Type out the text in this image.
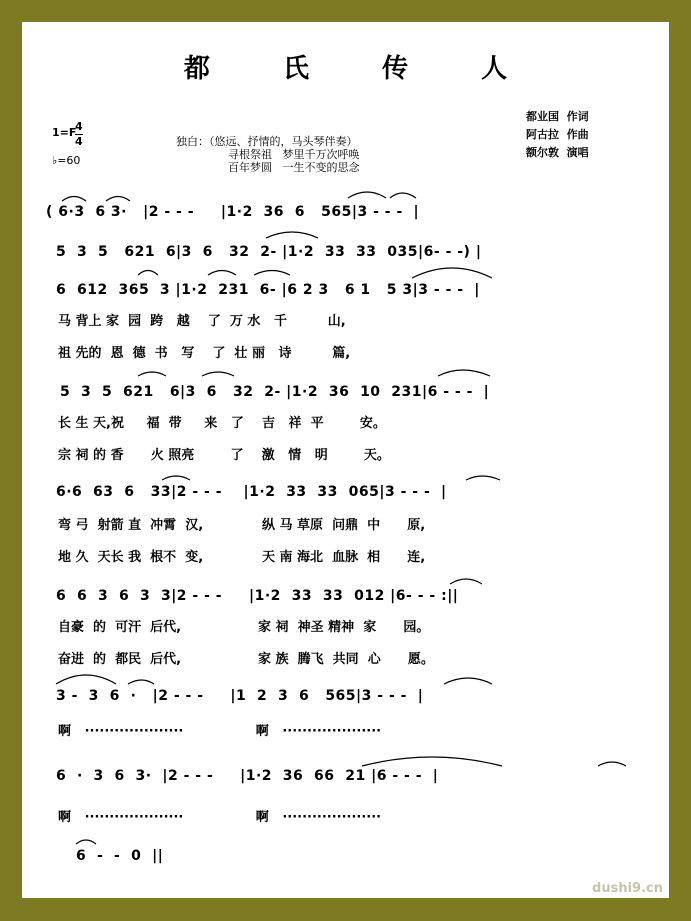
都 氏 传 人
1=F
4
4
♭=60
独白：（悠远、抒情的，马头琴伴奏）
寻根祭祖   梦里千万次呼唤
百年梦圆   一生不变的思念
都业国  作词
阿古拉  作曲
额尔敦  演唱
( 6·3  6 3·   |2 - - -     |1·2  36  6   565|3 - - -  |
5  3  5   621  6|3  6   32  2- |1·2  33  33  035|6- - -) |
6  612  365  3 |1·2  231  6- |6 2 3   6 1   5 3|3 - - -  |
马 背上 家  园  跨   越    了  万 水   千         山,
祖 先的  恩  德  书   写    了  壮 丽   诗         篇,
5  3  5  621   6|3  6   32  2- |1·2  36  10  231|6 - - -  |
长 生 天,祝     福  带     来   了    吉   祥  平        安。
宗 祠 的 香      火 照亮        了    激   情   明        天。
6·6  63  6   33|2 - - -    |1·2  33  33  065|3 - - -  |
弯 弓  射箭 直  冲霄  汉,             纵 马 草原  问鼎  中      原,
地 久  天长 我  根不  变,             天 南 海北  血脉  相      连,
6  6  3  6  3  3|2 - - -     |1·2  33  33  012 |6- - - :||
自豪  的  可汗  后代,                 家 祠  神圣 精神  家      园。
奋进  的  都民  后代,                 家 族  腾飞  共同  心      愿。
3 -  3  6  ·   |2 - - -     |1  2  3  6   565|3 - - -  |
啊   ····················                啊   ····················
6  ·  3  6  3·  |2 - - -     |1·2  36  66  21 |6 - - -  |
啊   ····················                啊   ····················
6  -  -  0  ||
dushi9.cn
